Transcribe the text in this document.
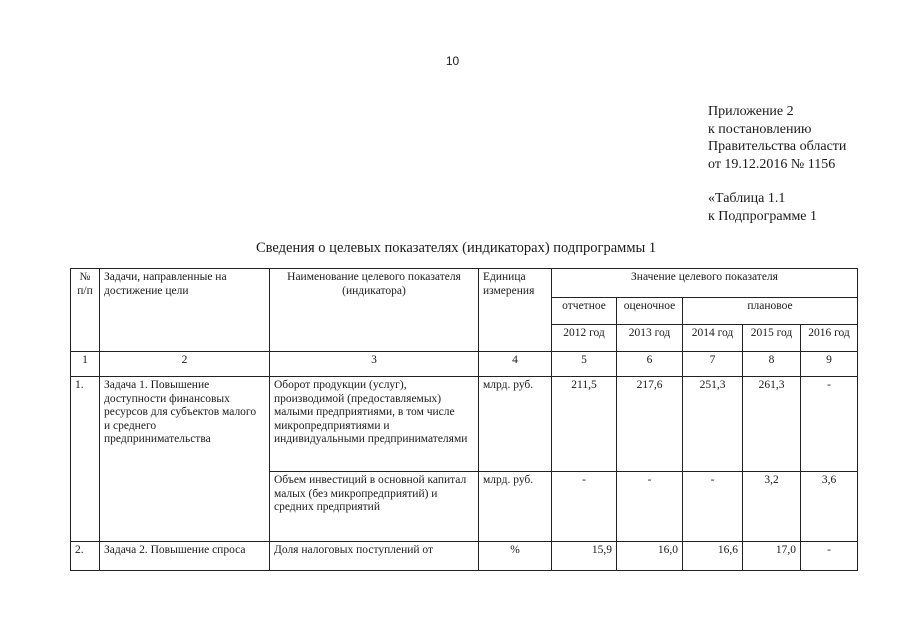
10
Приложение 2
к постановлению
Правительства области
от 19.12.2016 № 1156
«Таблица 1.1
к Подпрограмме 1
Сведения о целевых показателях (индикаторах) подпрограммы 1
№ п/п	Задачи, направленные на достижение цели	Наименование целевого показателя (индикатора)	Единица измерения	Значение целевого показателя				
				отчетное	оценочное	плановое		
				2012 год	2013 год	2014 год	2015 год	2016 год
1	2	3	4	5	6	7	8	9
1.	Задача 1. Повышение доступности финансовых ресурсов для субъектов малого и среднего предпринимательства	Оборот продукции (услуг), производимой (предоставляемых) малыми предприятиями, в том числе микропредприятиями и индивидуальными предпринимателями	млрд. руб.	211,5	217,6	251,3	261,3	-
		Объем инвестиций в основной капитал малых (без микропредприятий) и средних предприятий	млрд. руб.	-	-	-	3,2	3,6
2.	Задача 2. Повышение спроса	Доля налоговых поступлений от	%	15,9	16,0	16,6	17,0	-
